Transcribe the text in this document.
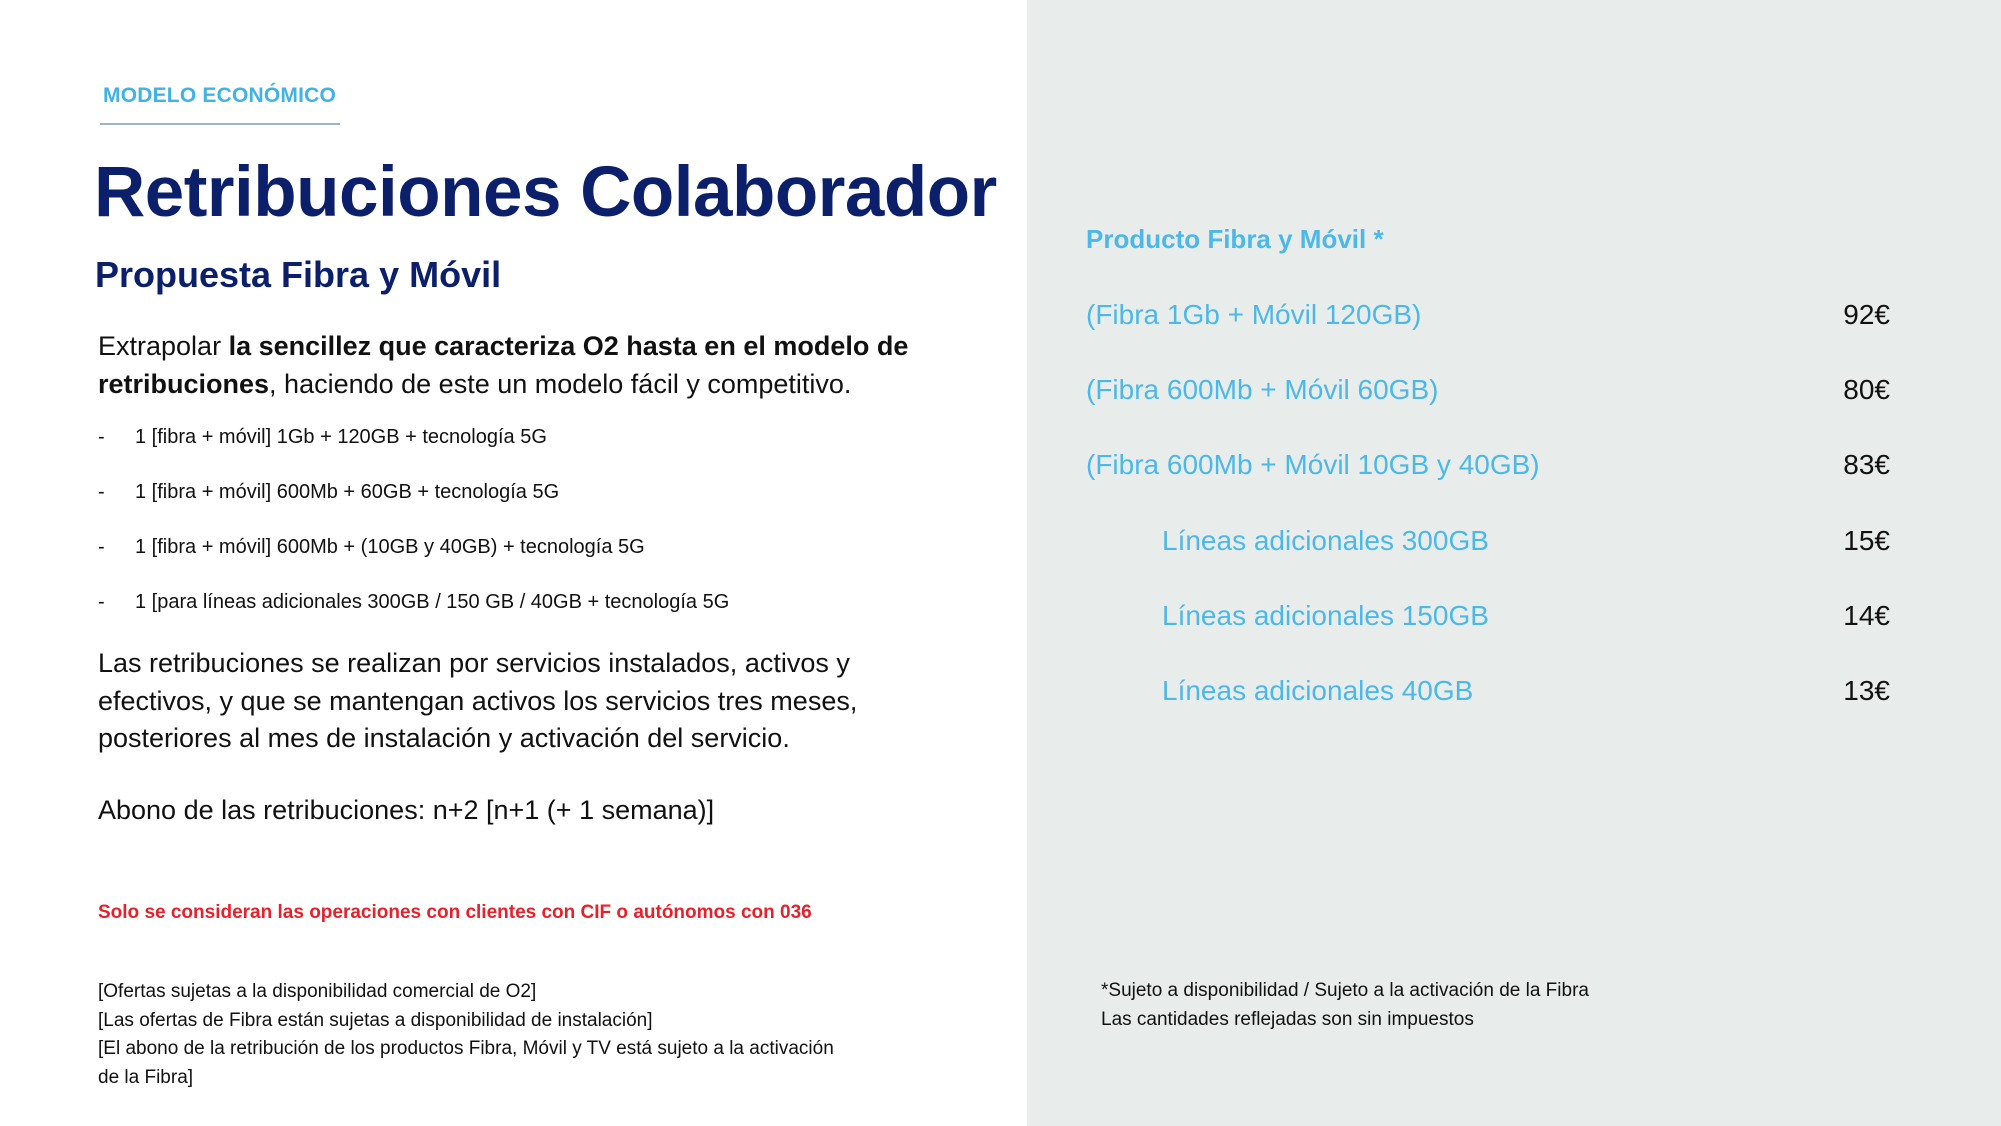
MODELO ECONÓMICO
Retribuciones Colaborador
Propuesta Fibra y Móvil
Extrapolar la sencillez que caracteriza O2 hasta en el modelo de retribuciones, haciendo de este un modelo fácil y competitivo.
- 1 [fibra + móvil] 1Gb + 120GB + tecnología 5G
- 1 [fibra + móvil] 600Mb + 60GB + tecnología 5G
- 1 [fibra + móvil] 600Mb + (10GB y 40GB) + tecnología 5G
- 1 [para líneas adicionales 300GB / 150 GB / 40GB + tecnología 5G
Las retribuciones se realizan por servicios instalados, activos y efectivos, y que se mantengan activos los servicios tres meses, posteriores al mes de instalación y activación del servicio.
Abono de las retribuciones: n+2 [n+1 (+ 1 semana)]
Solo se consideran las operaciones con clientes con CIF o autónomos con 036
[Ofertas sujetas a la disponibilidad comercial de O2]
[Las ofertas de Fibra están sujetas a disponibilidad de instalación]
[El abono de la retribución de los productos Fibra, Móvil y TV está sujeto a la activación de la Fibra]
Producto Fibra y Móvil *
(Fibra 1Gb + Móvil 120GB)	92€
(Fibra 600Mb + Móvil 60GB)	80€
(Fibra 600Mb + Móvil 10GB y 40GB)	83€
Líneas adicionales 300GB	15€
Líneas adicionales 150GB	14€
Líneas adicionales 40GB	13€
*Sujeto a disponibilidad / Sujeto a la activación de la Fibra
Las cantidades reflejadas son sin impuestos
